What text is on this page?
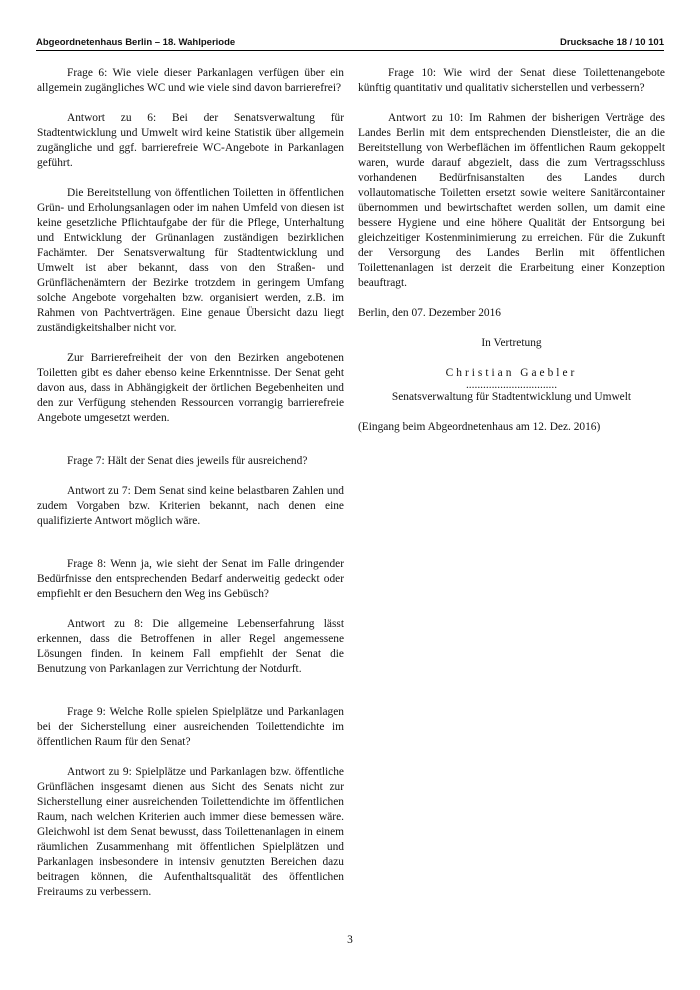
Abgeordnetenhaus Berlin – 18. Wahlperiode	Drucksache 18 / 10 101

Frage 6: Wie viele dieser Parkanlagen verfügen über ein allgemein zugängliches WC und wie viele sind davon barrierefrei?

Antwort zu 6: Bei der Senatsverwaltung für Stadtentwicklung und Umwelt wird keine Statistik über allgemein zugängliche und ggf. barrierefreie WC-Angebote in Parkanlagen geführt.

Die Bereitstellung von öffentlichen Toiletten in öffentlichen Grün- und Erholungsanlagen oder im nahen Umfeld von diesen ist keine gesetzliche Pflichtaufgabe der für die Pflege, Unterhaltung und Entwicklung der Grünanlagen zuständigen bezirklichen Fachämter. Der Senatsverwaltung für Stadtentwicklung und Umwelt ist aber bekannt, dass von den Straßen- und Grünflächenämtern der Bezirke trotzdem in geringem Umfang solche Angebote vorgehalten bzw. organisiert werden, z.B. im Rahmen von Pachtverträgen. Eine genaue Übersicht dazu liegt zuständigkeitshalber nicht vor.

Zur Barrierefreiheit der von den Bezirken angebotenen Toiletten gibt es daher ebenso keine Erkenntnisse. Der Senat geht davon aus, dass in Abhängigkeit der örtlichen Begebenheiten und den zur Verfügung stehenden Ressourcen vorrangig barrierefreie Angebote umgesetzt werden.

Frage 7: Hält der Senat dies jeweils für ausreichend?

Antwort zu 7: Dem Senat sind keine belastbaren Zahlen und zudem Vorgaben bzw. Kriterien bekannt, nach denen eine qualifizierte Antwort möglich wäre.

Frage 8: Wenn ja, wie sieht der Senat im Falle dringender Bedürfnisse den entsprechenden Bedarf anderweitig gedeckt oder empfiehlt er den Besuchern den Weg ins Gebüsch?

Antwort zu 8: Die allgemeine Lebenserfahrung lässt erkennen, dass die Betroffenen in aller Regel angemessene Lösungen finden. In keinem Fall empfiehlt der Senat die Benutzung von Parkanlagen zur Verrichtung der Notdurft.

Frage 9: Welche Rolle spielen Spielplätze und Parkanlagen bei der Sicherstellung einer ausreichenden Toilettendichte im öffentlichen Raum für den Senat?

Antwort zu 9: Spielplätze und Parkanlagen bzw. öffentliche Grünflächen insgesamt dienen aus Sicht des Senats nicht zur Sicherstellung einer ausreichenden Toilettendichte im öffentlichen Raum, nach welchen Kriterien auch immer diese bemessen wäre. Gleichwohl ist dem Senat bewusst, dass Toilettenanlagen in einem räumlichen Zusammenhang mit öffentlichen Spielplätzen und Parkanlagen insbesondere in intensiv genutzten Bereichen dazu beitragen können, die Aufenthaltsqualität des öffentlichen Freiraums zu verbessern.

Frage 10: Wie wird der Senat diese Toilettenangebote künftig quantitativ und qualitativ sicherstellen und verbessern?

Antwort zu 10: Im Rahmen der bisherigen Verträge des Landes Berlin mit dem entsprechenden Dienstleister, die an die Bereitstellung von Werbeflächen im öffentlichen Raum gekoppelt waren, wurde darauf abgezielt, dass die zum Vertragsschluss vorhandenen Bedürfnisanstalten des Landes durch vollautomatische Toiletten ersetzt sowie weitere Sanitärcontainer übernommen und bewirtschaftet werden sollen, um damit eine bessere Hygiene und eine höhere Qualität der Entsorgung bei gleichzeitiger Kostenminimierung zu erreichen. Für die Zukunft der Versorgung des Landes Berlin mit öffentlichen Toilettenanlagen ist derzeit die Erarbeitung einer Konzeption beauftragt.

Berlin, den 07. Dezember 2016

In Vertretung

Christian Gaebler

................................

Senatsverwaltung für Stadtentwicklung und Umwelt

(Eingang beim Abgeordnetenhaus am 12. Dez. 2016)

3
